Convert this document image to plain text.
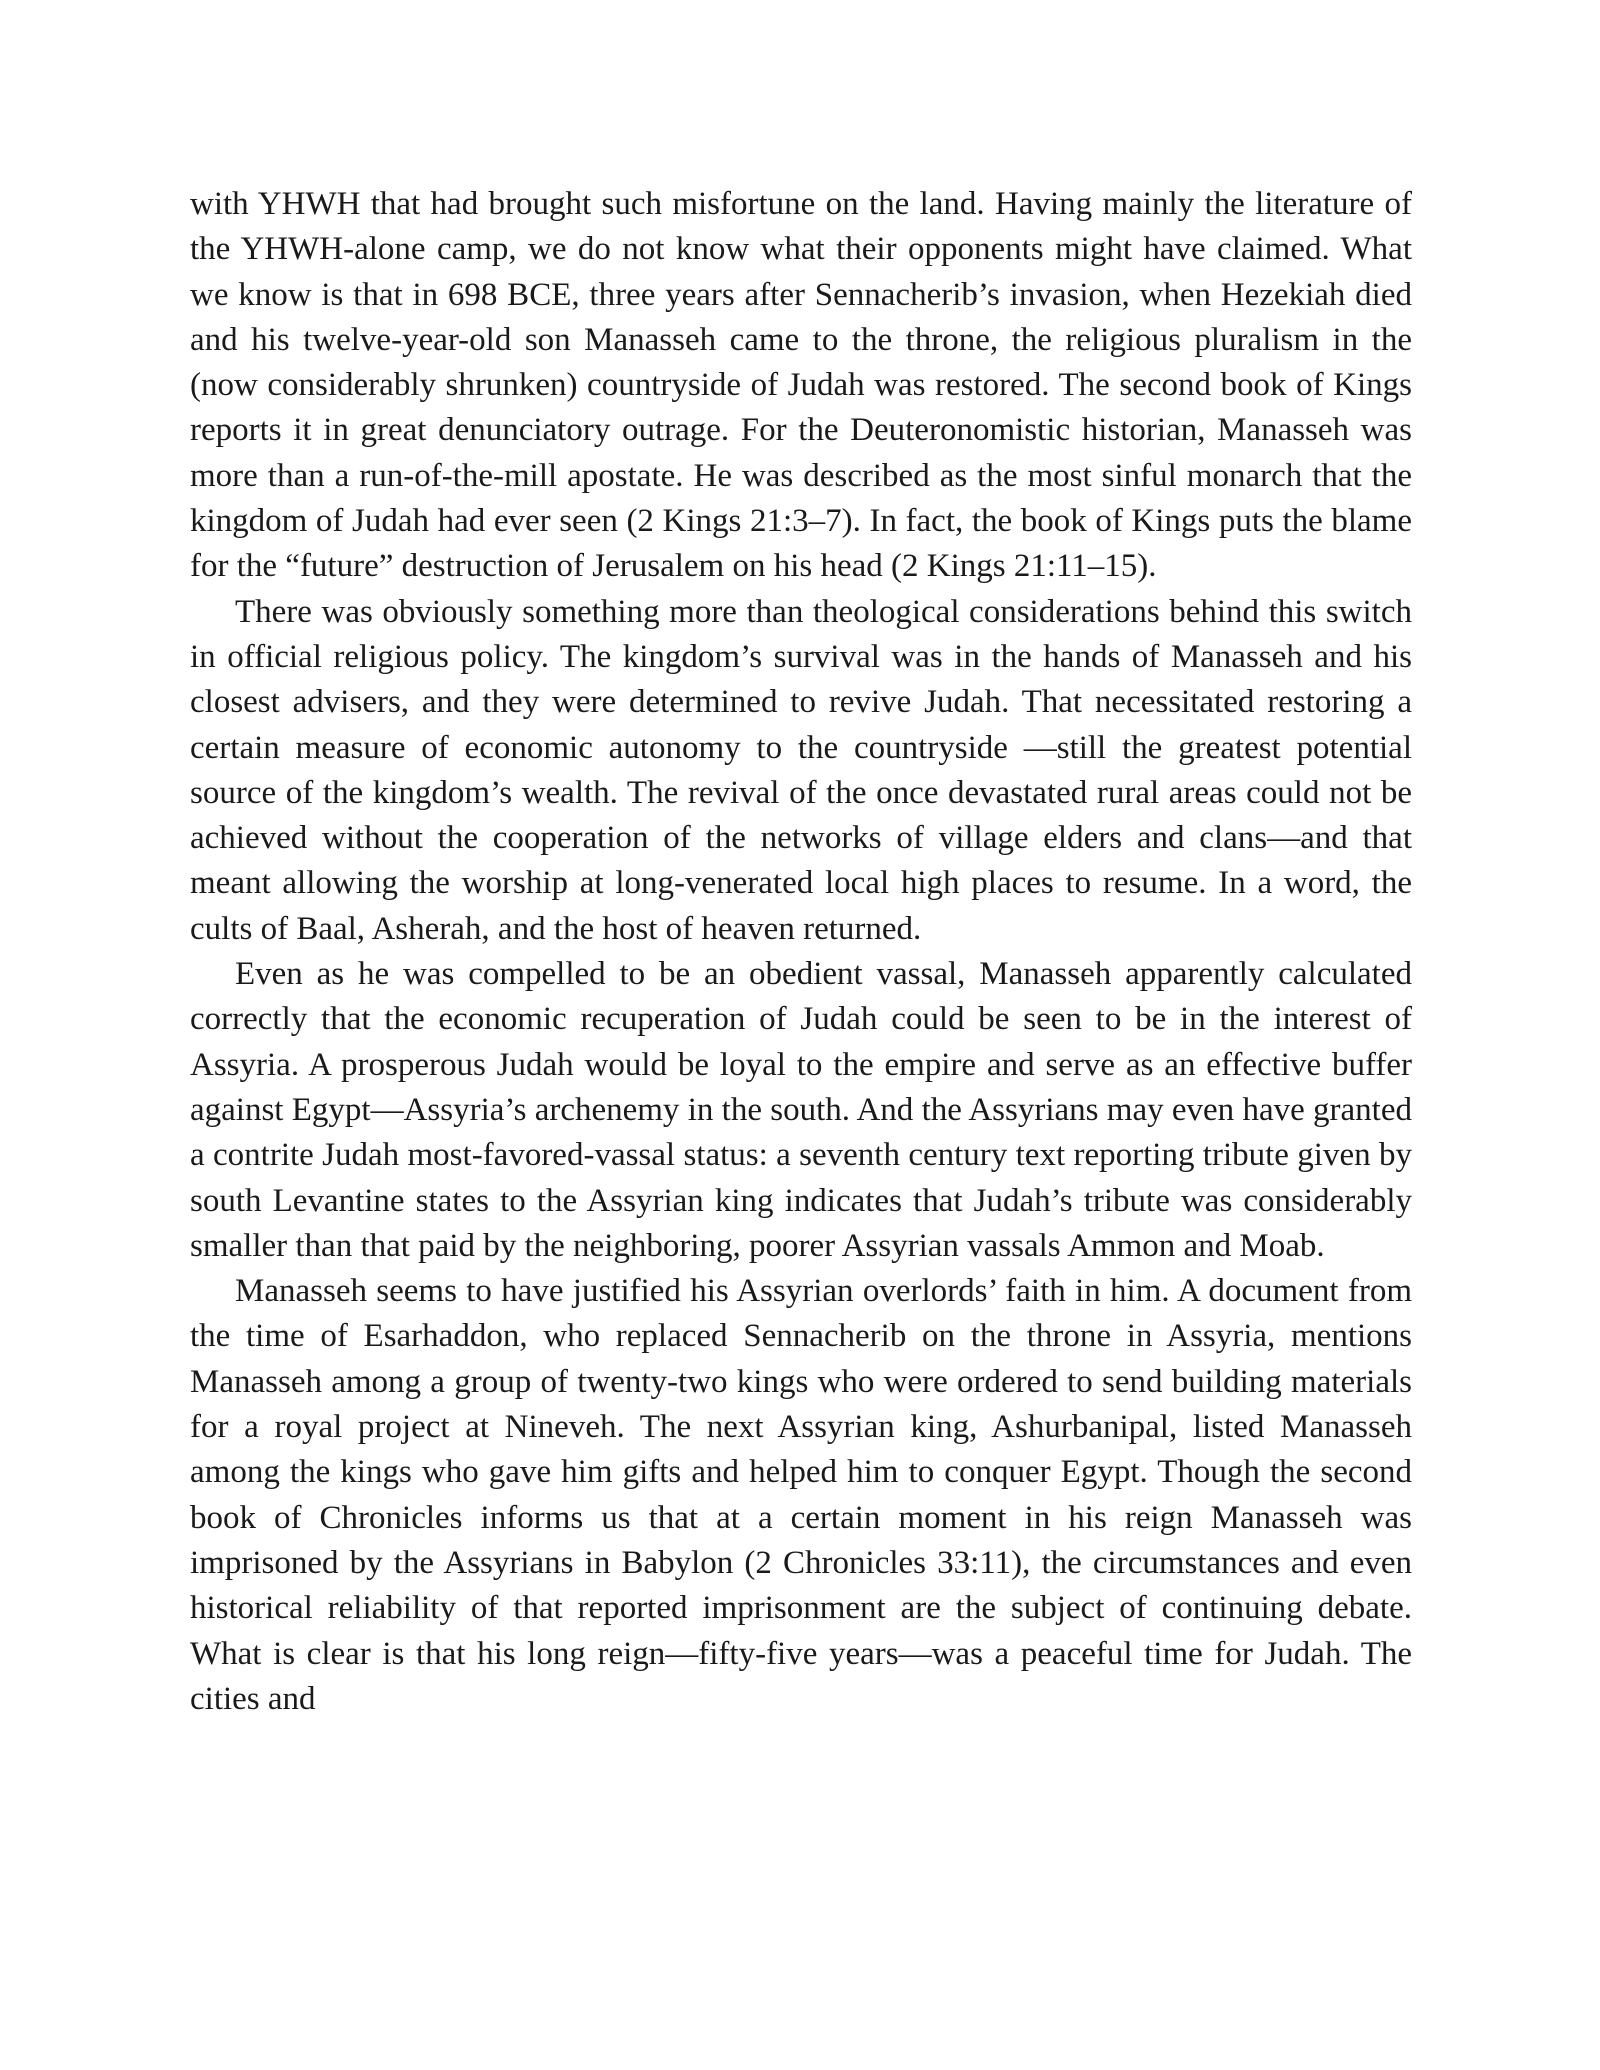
with YHWH that had brought such misfortune on the land. Having mainly the literature of the YHWH-alone camp, we do not know what their opponents might have claimed. What we know is that in 698 BCE, three years after Sennacherib’s invasion, when Hezekiah died and his twelve-year-old son Manasseh came to the throne, the religious pluralism in the (now considerably shrunken) countryside of Judah was restored. The second book of Kings reports it in great denunciatory outrage. For the Deuteronomistic historian, Manasseh was more than a run-of-the-mill apostate. He was described as the most sinful monarch that the kingdom of Judah had ever seen (2 Kings 21:3–7). In fact, the book of Kings puts the blame for the “future” destruction of Jerusalem on his head (2 Kings 21:11–15).

There was obviously something more than theological considerations behind this switch in official religious policy. The kingdom’s survival was in the hands of Manasseh and his closest advisers, and they were determined to revive Judah. That necessitated restoring a certain measure of economic autonomy to the countryside —still the greatest potential source of the kingdom’s wealth. The revival of the once devastated rural areas could not be achieved without the cooperation of the networks of village elders and clans—and that meant allowing the worship at long-venerated local high places to resume. In a word, the cults of Baal, Asherah, and the host of heaven returned.

Even as he was compelled to be an obedient vassal, Manasseh apparently calculated correctly that the economic recuperation of Judah could be seen to be in the interest of Assyria. A prosperous Judah would be loyal to the empire and serve as an effective buffer against Egypt—Assyria’s archenemy in the south. And the Assyrians may even have granted a contrite Judah most-favored-vassal status: a seventh century text reporting tribute given by south Levantine states to the Assyrian king indicates that Judah’s tribute was considerably smaller than that paid by the neighboring, poorer Assyrian vassals Ammon and Moab.

Manasseh seems to have justified his Assyrian overlords’ faith in him. A document from the time of Esarhaddon, who replaced Sennacherib on the throne in Assyria, mentions Manasseh among a group of twenty-two kings who were ordered to send building materials for a royal project at Nineveh. The next Assyrian king, Ashurbanipal, listed Manasseh among the kings who gave him gifts and helped him to conquer Egypt. Though the second book of Chronicles informs us that at a certain moment in his reign Manasseh was imprisoned by the Assyrians in Babylon (2 Chronicles 33:11), the circumstances and even historical reliability of that reported imprisonment are the subject of continuing debate. What is clear is that his long reign—fifty-five years—was a peaceful time for Judah. The cities and
